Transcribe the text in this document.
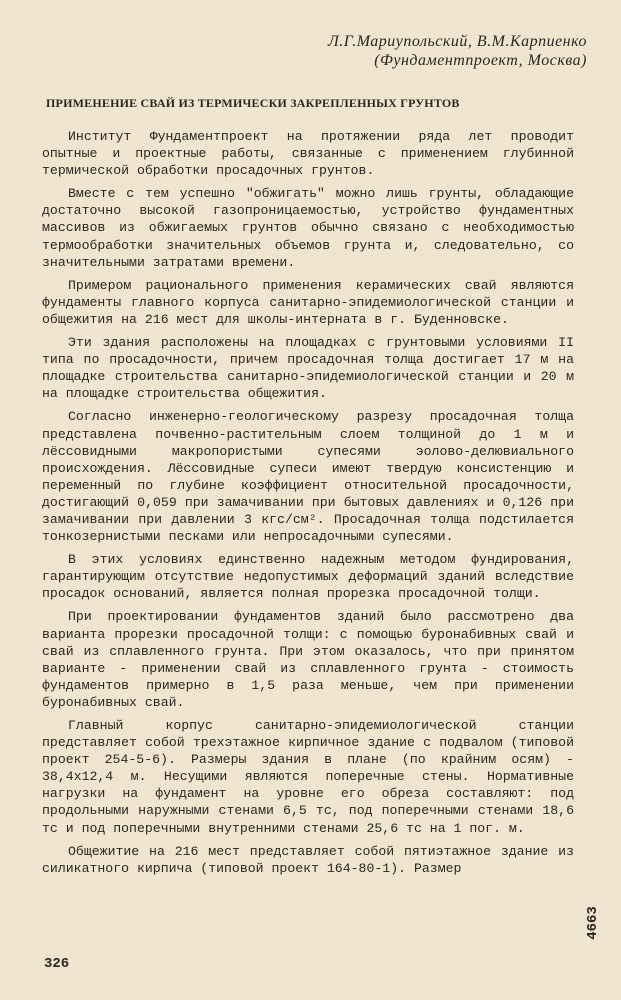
Л.Г.Мариупольский, В.М.Карпиенко
(Фундаментпроект, Москва)
ПРИМЕНЕНИЕ СВАЙ ИЗ ТЕРМИЧЕСКИ ЗАКРЕПЛЕННЫХ ГРУНТОВ

Институт Фундаментпроект на протяжении ряда лет проводит опытные и проектные работы, связанные с применением глубинной термической обработки просадочных грунтов.

Вместе с тем успешно "обжигать" можно лишь грунты, обладающие достаточно высокой газопроницаемостью, устройство фундаментных массивов из обжигаемых грунтов обычно связано с необходимостью термообработки значительных объемов грунта и, следовательно, со значительными затратами времени.

Примером рационального применения керамических свай являются фундаменты главного корпуса санитарно-эпидемиологической станции и общежития на 216 мест для школы-интерната в г. Буденновске.

Эти здания расположены на площадках с грунтовыми условиями II типа по просадочности, причем просадочная толща достигает 17 м на площадке строительства санитарно-эпидемиологической станции и 20 м на площадке строительства общежития.

Согласно инженерно-геологическому разрезу просадочная толща представлена почвенно-растительным слоем толщиной до 1 м и лёссовидными макропористыми супесями эолово-делювиального происхождения. Лёссовидные супеси имеют твердую консистенцию и переменный по глубине коэффициент относительной просадочности, достигающий 0,059 при замачивании при бытовых давлениях и 0,126 при замачивании при давлении 3 кгс/см². Просадочная толща подстилается тонкозернистыми песками или непросадочными супесями.

В этих условиях единственно надежным методом фундирования, гарантирующим отсутствие недопустимых деформаций зданий вследствие просадок оснований, является полная прорезка просадочной толщи.

При проектировании фундаментов зданий было рассмотрено два варианта прорезки просадочной толщи: с помощью буронабивных свай и свай из сплавленного грунта. При этом оказалось, что при принятом варианте - применении свай из сплавленного грунта - стоимость фундаментов примерно в 1,5 раза меньше, чем при применении буронабивных свай.

Главный корпус санитарно-эпидемиологической станции представляет собой трехэтажное кирпичное здание с подвалом (типовой проект 254-5-6). Размеры здания в плане (по крайним осям) - 38,4x12,4 м. Несущими являются поперечные стены. Нормативные нагрузки на фундамент на уровне его обреза составляют: под продольными наружными стенами 6,5 тс, под поперечными стенами 18,6 тс и под поперечными внутренними стенами 25,6 тс на 1 пог. м.

Общежитие на 216 мест представляет собой пятиэтажное здание из силикатного кирпича (типовой проект 164-80-1). Размер

326
4663
